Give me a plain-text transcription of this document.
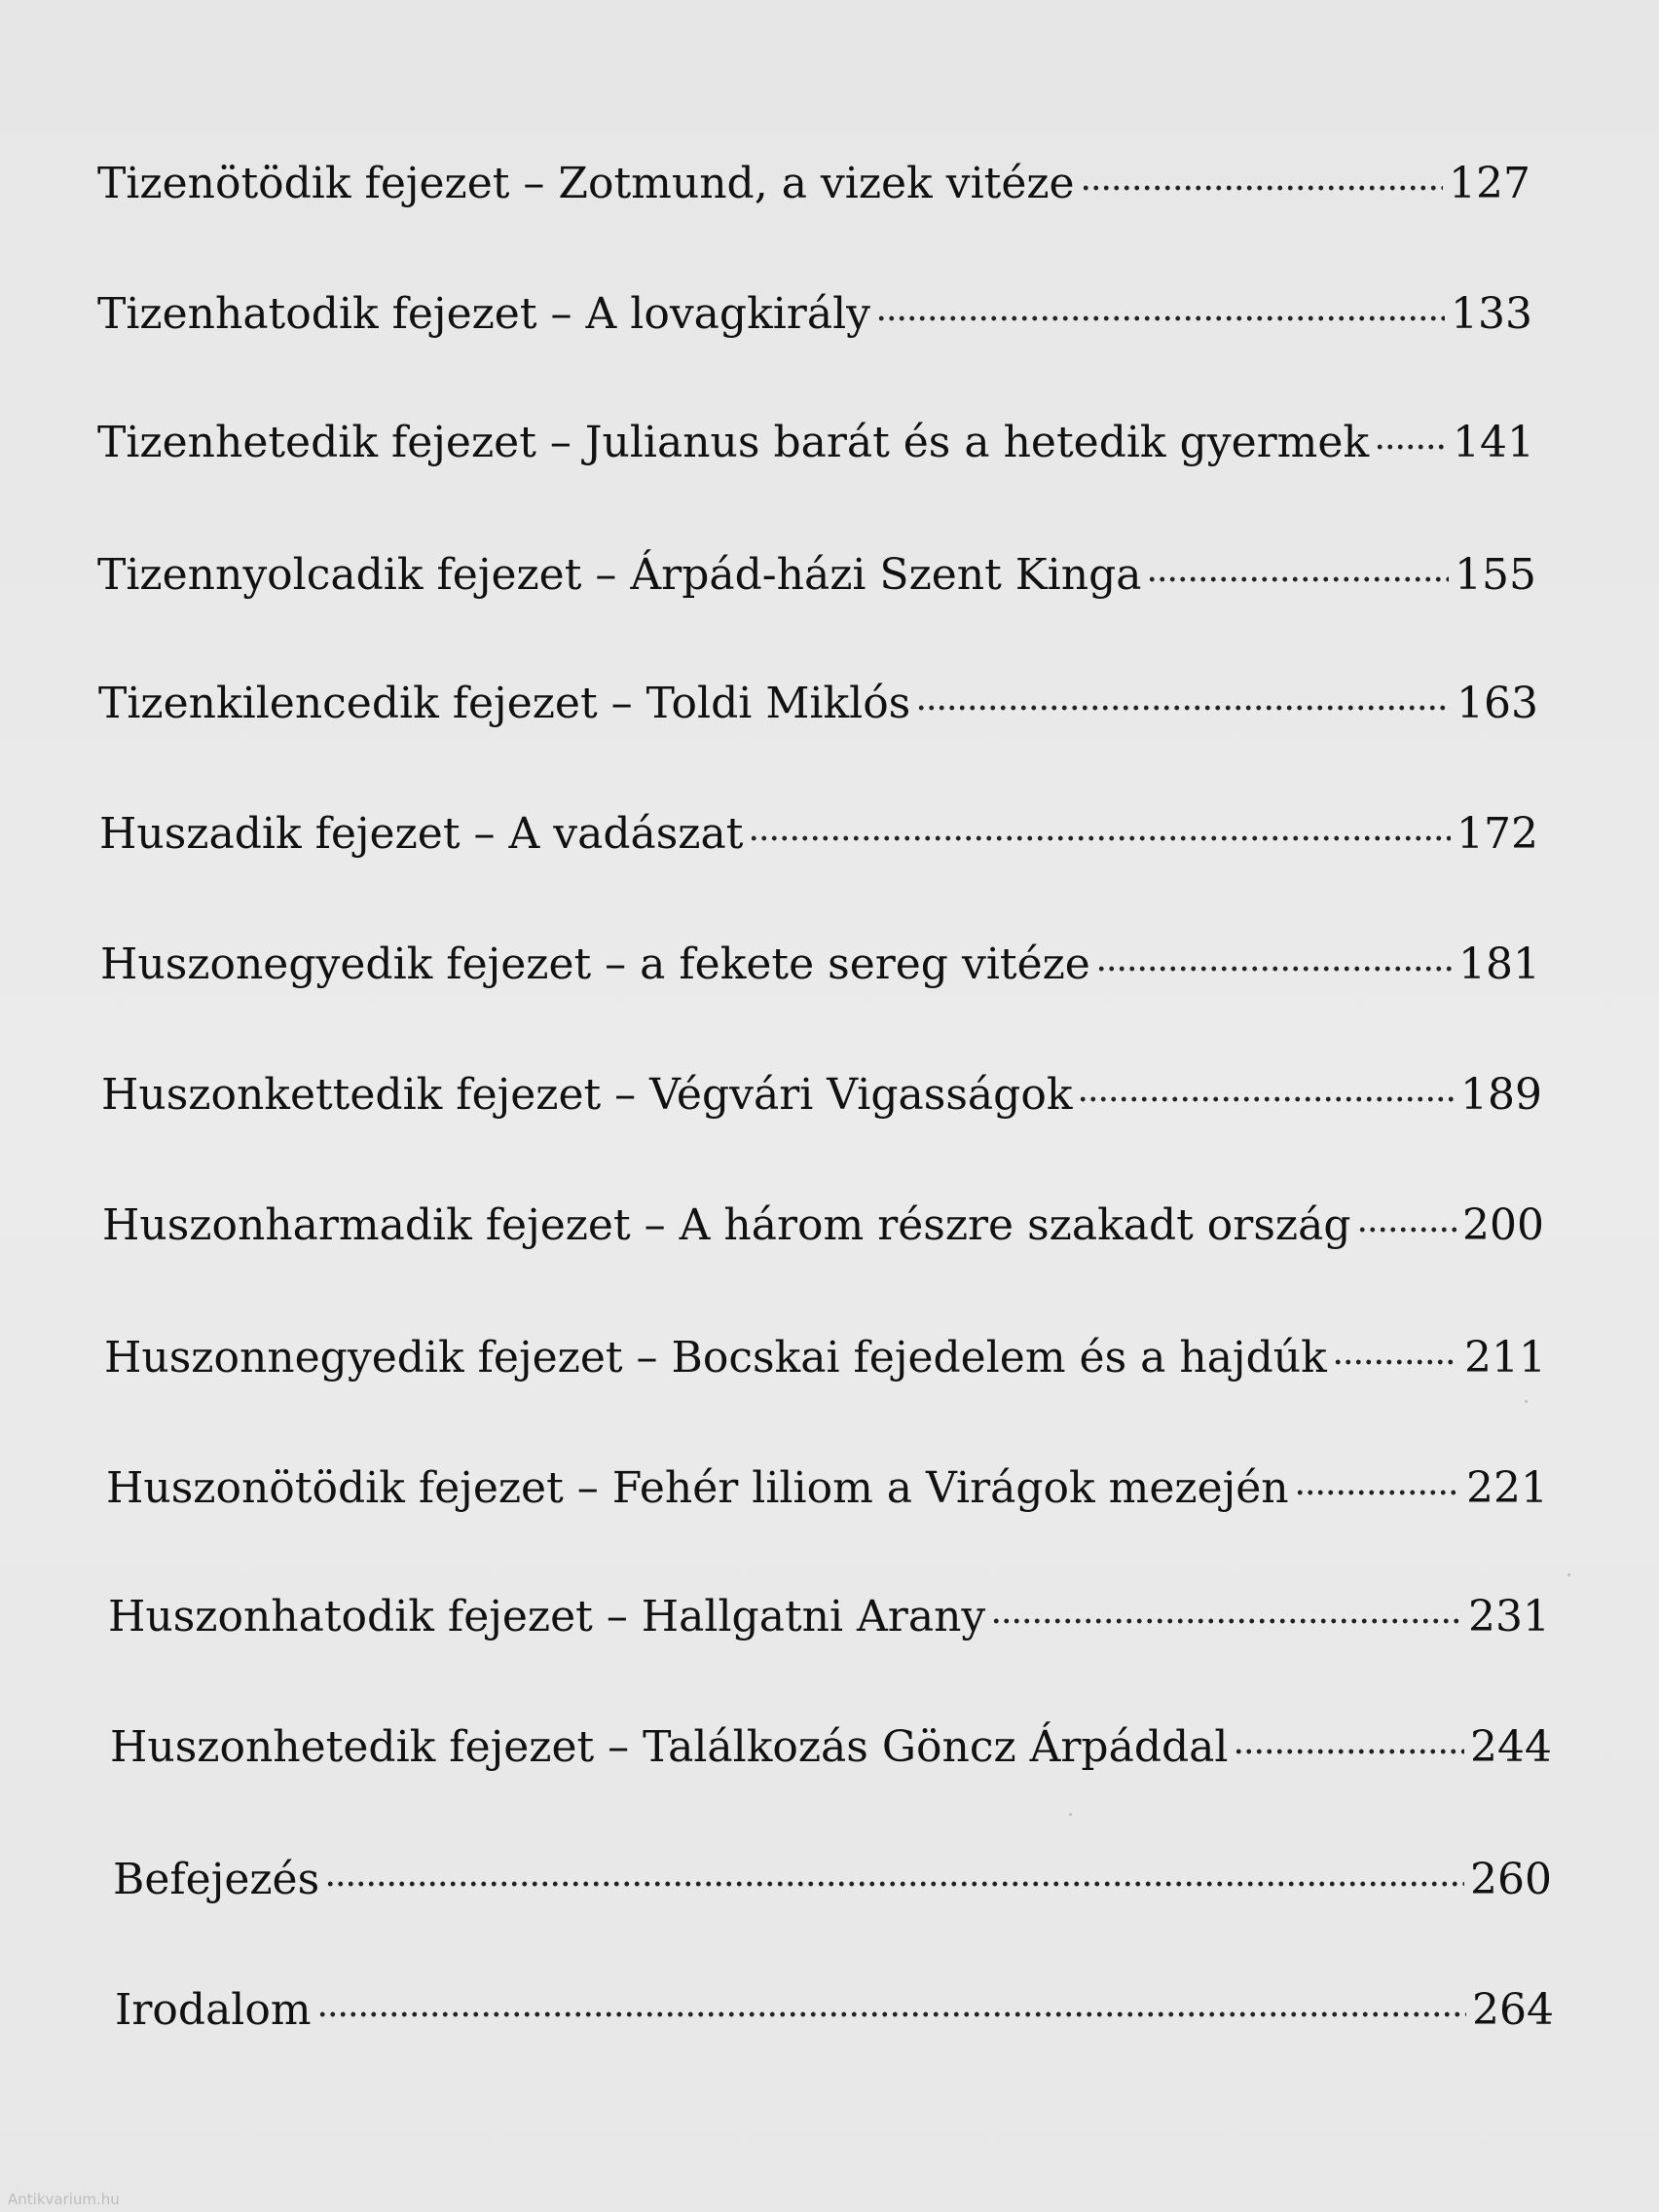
Tizenötödik fejezet – Zotmund, a vizek vitéze	127
Tizenhatodik fejezet – A lovagkirály	133
Tizenhetedik fejezet – Julianus barát és a hetedik gyermek 141
Tizennyolcadik fejezet – Árpád-házi Szent Kinga	155
Tizenkilencedik fejezet – Toldi Miklós	163
Huszadik fejezet – A vadászat	172
Huszonegyedik fejezet – a fekete sereg vitéze	181
Huszonkettedik fejezet – Végvári Vigasságok	189
Huszonharmadik fejezet – A három részre szakadt ország	200
Huszonnegyedik fejezet – Bocskai fejedelem és a hajdúk	211
Huszonötödik fejezet – Fehér liliom a Virágok mezején	221
Huszonhatodik fejezet – Hallgatni Arany	231
Huszonhetedik fejezet – Találkozás Göncz Árpáddal	244
Befejezés	260
Irodalom	264
Antikvarium.hu
